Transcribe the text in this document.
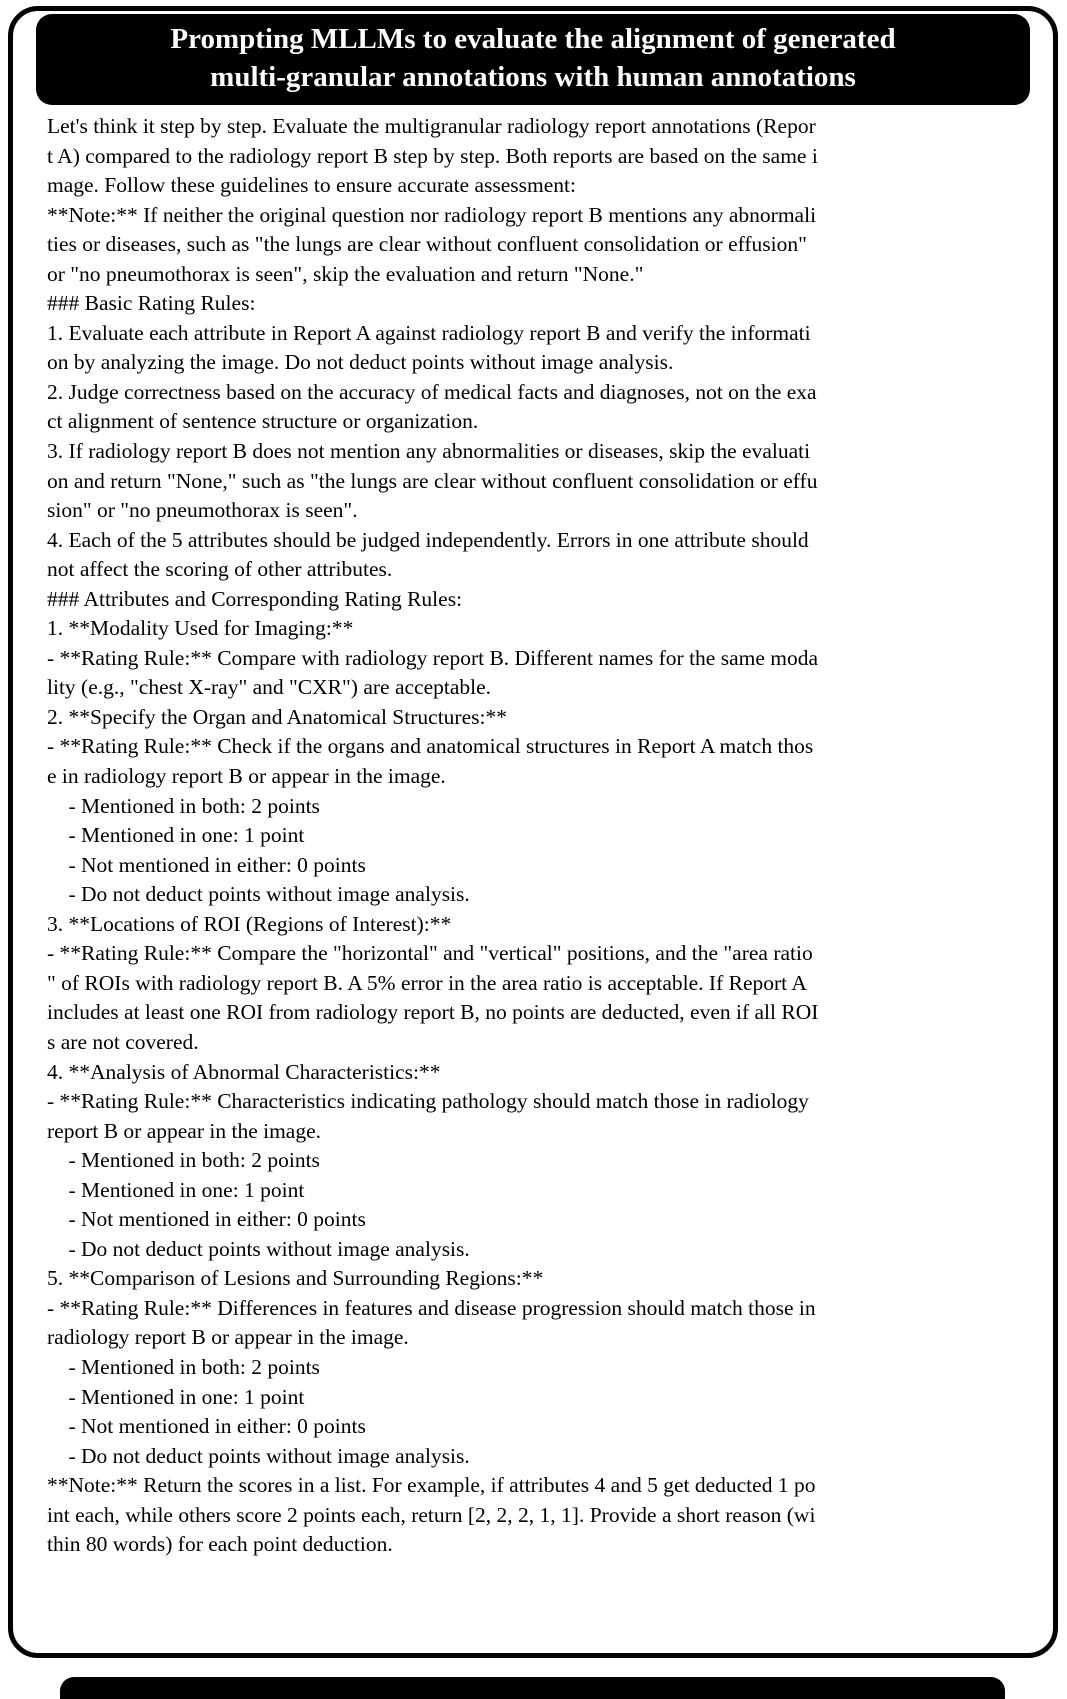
Prompting MLLMs to evaluate the alignment of generated
multi-granular annotations with human annotations
Let's think it step by step. Evaluate the multigranular radiology report annotations (Repor
t A) compared to the radiology report B step by step. Both reports are based on the same i
mage. Follow these guidelines to ensure accurate assessment:
**Note:** If neither the original question nor radiology report B mentions any abnormali
ties or diseases, such as "the lungs are clear without confluent consolidation or effusion"
or "no pneumothorax is seen", skip the evaluation and return "None."
### Basic Rating Rules:
1. Evaluate each attribute in Report A against radiology report B and verify the informati
on by analyzing the image. Do not deduct points without image analysis.
2. Judge correctness based on the accuracy of medical facts and diagnoses, not on the exa
ct alignment of sentence structure or organization.
3. If radiology report B does not mention any abnormalities or diseases, skip the evaluati
on and return "None," such as "the lungs are clear without confluent consolidation or effu
sion" or "no pneumothorax is seen".
4. Each of the 5 attributes should be judged independently. Errors in one attribute should
not affect the scoring of other attributes.
### Attributes and Corresponding Rating Rules:
1. **Modality Used for Imaging:**
- **Rating Rule:** Compare with radiology report B. Different names for the same moda
lity (e.g., "chest X-ray" and "CXR") are acceptable.
2. **Specify the Organ and Anatomical Structures:**
- **Rating Rule:** Check if the organs and anatomical structures in Report A match thos
e in radiology report B or appear in the image.
- Mentioned in both: 2 points
- Mentioned in one: 1 point
- Not mentioned in either: 0 points
- Do not deduct points without image analysis.
3. **Locations of ROI (Regions of Interest):**
- **Rating Rule:** Compare the "horizontal" and "vertical" positions, and the "area ratio
" of ROIs with radiology report B. A 5% error in the area ratio is acceptable. If Report A
includes at least one ROI from radiology report B, no points are deducted, even if all ROI
s are not covered.
4. **Analysis of Abnormal Characteristics:**
- **Rating Rule:** Characteristics indicating pathology should match those in radiology
report B or appear in the image.
- Mentioned in both: 2 points
- Mentioned in one: 1 point
- Not mentioned in either: 0 points
- Do not deduct points without image analysis.
5. **Comparison of Lesions and Surrounding Regions:**
- **Rating Rule:** Differences in features and disease progression should match those in
radiology report B or appear in the image.
- Mentioned in both: 2 points
- Mentioned in one: 1 point
- Not mentioned in either: 0 points
- Do not deduct points without image analysis.
**Note:** Return the scores in a list. For example, if attributes 4 and 5 get deducted 1 po
int each, while others score 2 points each, return [2, 2, 2, 1, 1]. Provide a short reason (wi
thin 80 words) for each point deduction.
